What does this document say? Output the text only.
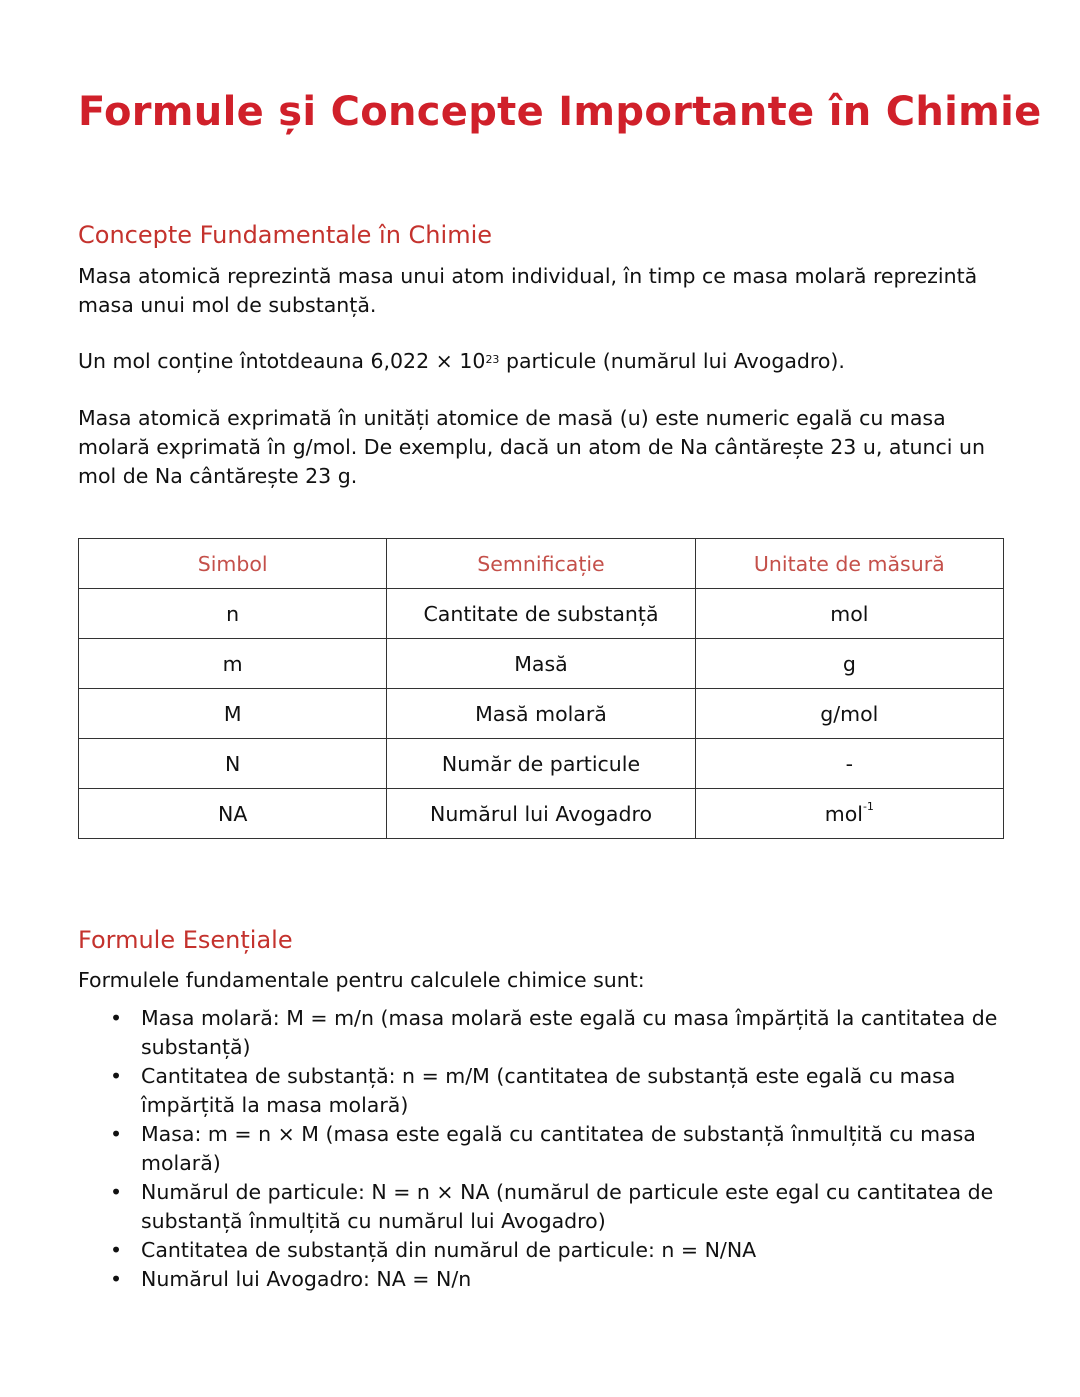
Formule și Concepte Importante în Chimie
Concepte Fundamentale în Chimie

Masa atomică reprezintă masa unui atom individual, în timp ce masa molară reprezintă masa unui mol de substanță.

Un mol conține întotdeauna $6,022 \times 10^{23}$ particule (numărul lui Avogadro).

Masa atomică exprimată în unități atomice de masă (u) este numeric egală cu masa molară exprimată în g/mol. De exemplu, dacă un atom de Na cântărește 23 u, atunci un mol de Na cântărește 23 g.

Simbol	Semnificație	Unitate de măsură
n	Cantitate de substanță	mol
m	Masă	g
M	Masă molară	g/mol
N	Număr de particule	-
NA	Numărul lui Avogadro	mol$^{-1}$
Formule Esențiale

Formulele fundamentale pentru calculele chimice sunt:

• Masa molară: M = m/n (masa molară este egală cu masa împărțită la cantitatea de substanță)
• Cantitatea de substanță: n = m/M (cantitatea de substanță este egală cu masa împărțită la masa molară)
• Masa: m = n × M (masa este egală cu cantitatea de substanță înmulțită cu masa molară)
• Numărul de particule: N = n × NA (numărul de particule este egal cu cantitatea de substanță înmulțită cu numărul lui Avogadro)
• Cantitatea de substanță din numărul de particule: n = N/NA
• Numărul lui Avogadro: NA = N/n
